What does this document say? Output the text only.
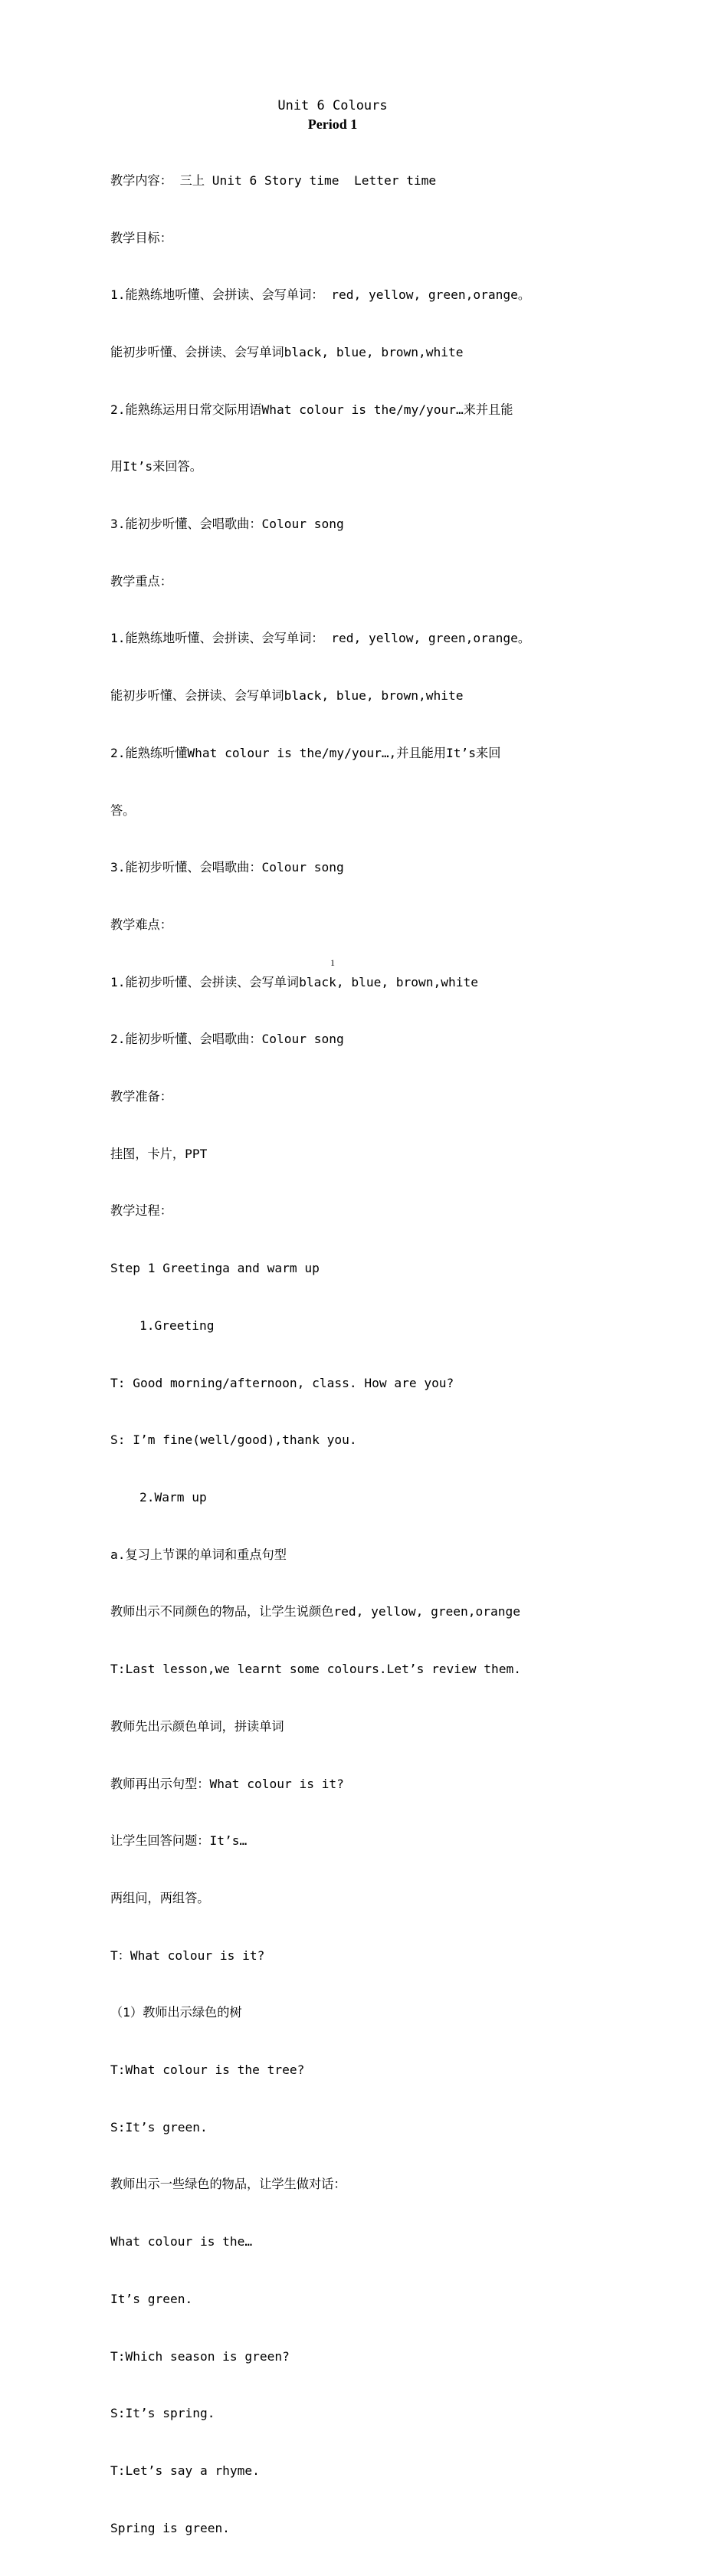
Unit 6 Colours
Period 1

教学内容： 三上 Unit 6 Story time  Letter time

教学目标：

1.能熟练地听懂、会拼读、会写单词： red, yellow, green,orange。

能初步听懂、会拼读、会写单词black, blue, brown,white

2.能熟练运用日常交际用语What colour is the/my/your…来并且能

用It’s来回答。

3.能初步听懂、会唱歌曲：Colour song

教学重点：

1.能熟练地听懂、会拼读、会写单词： red, yellow, green,orange。

能初步听懂、会拼读、会写单词black, blue, brown,white

2.能熟练听懂What colour is the/my/your…,并且能用It’s来回

答。

3.能初步听懂、会唱歌曲：Colour song

教学难点：

1.能初步听懂、会拼读、会写单词black, blue, brown,white

2.能初步听懂、会唱歌曲：Colour song

教学准备：

挂图，卡片，PPT

教学过程：

Step 1 Greetinga and warm up

1.Greeting

T: Good morning/afternoon, class. How are you?

S: I’m fine(well/good),thank you.

2.Warm up

a.复习上节课的单词和重点句型

教师出示不同颜色的物品，让学生说颜色red, yellow, green,orange

T:Last lesson,we learnt some colours.Let’s review them.

教师先出示颜色单词，拼读单词

教师再出示句型：What colour is it?

让学生回答问题：It’s…

两组问，两组答。

T：What colour is it?

（1）教师出示绿色的树

T:What colour is the tree?

S:It’s green.

教师出示一些绿色的物品，让学生做对话：

What colour is the…

It’s green.

T:Which season is green?

S:It’s spring.

T:Let’s say a rhyme.

Spring is green.

1
